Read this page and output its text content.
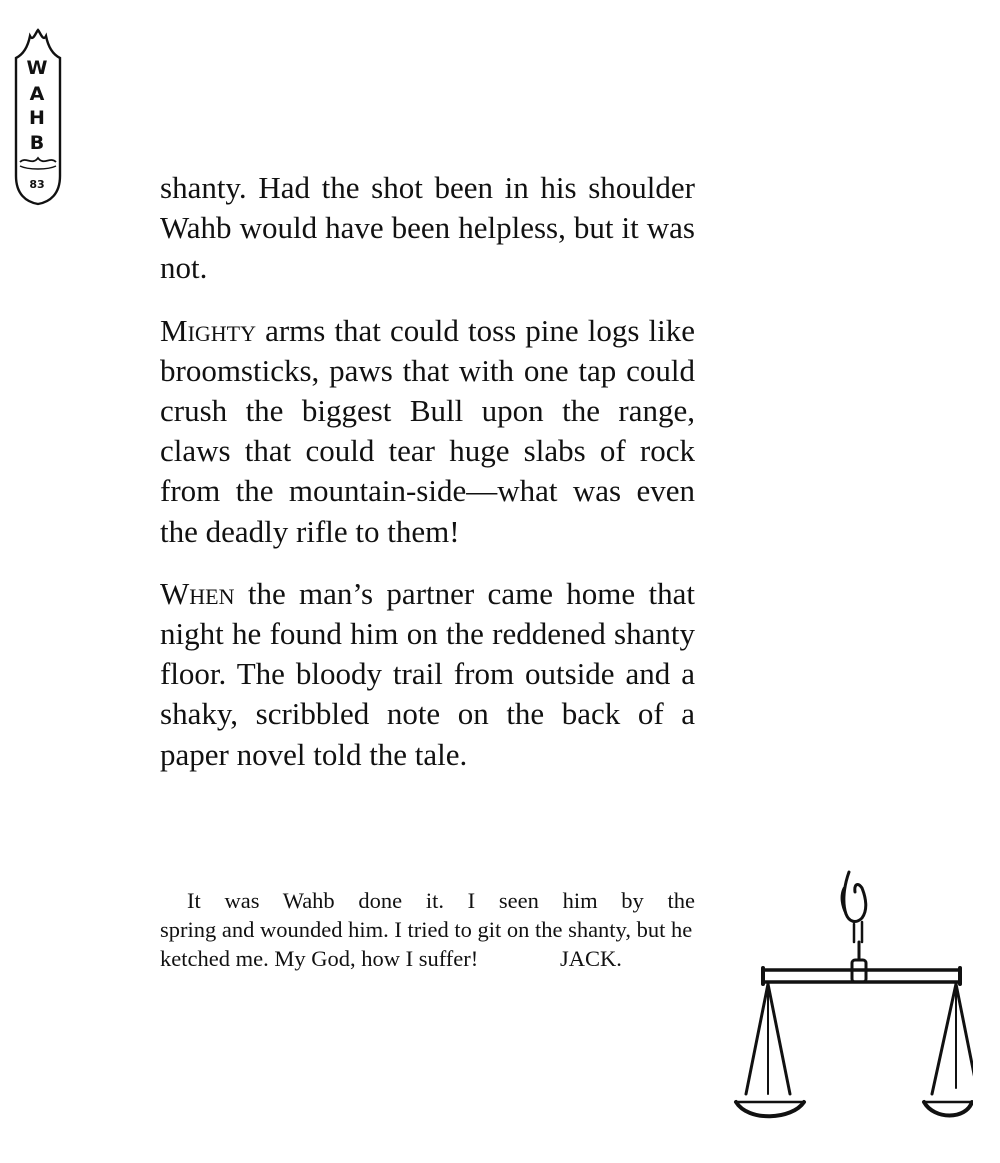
W
A
H
B
83	shanty. Had the shot been in his shoulder Wahb would have been helpless, but it was not.

Mighty arms that could toss pine logs like broomsticks, paws that with one tap could crush the biggest Bull upon the range, claws that could tear huge slabs of rock from the mountain-side—what was even the deadly rifle to them!

When the man’s partner came home that night he found him on the reddened shanty floor. The bloody trail from outside and a shaky, scribbled note on the back of a paper novel told the tale.

It was Wahb done it. I seen him by the

spring and wounded him. I tried to git on the shanty, but he ketched me. My God, how I suffer!	JACK.
